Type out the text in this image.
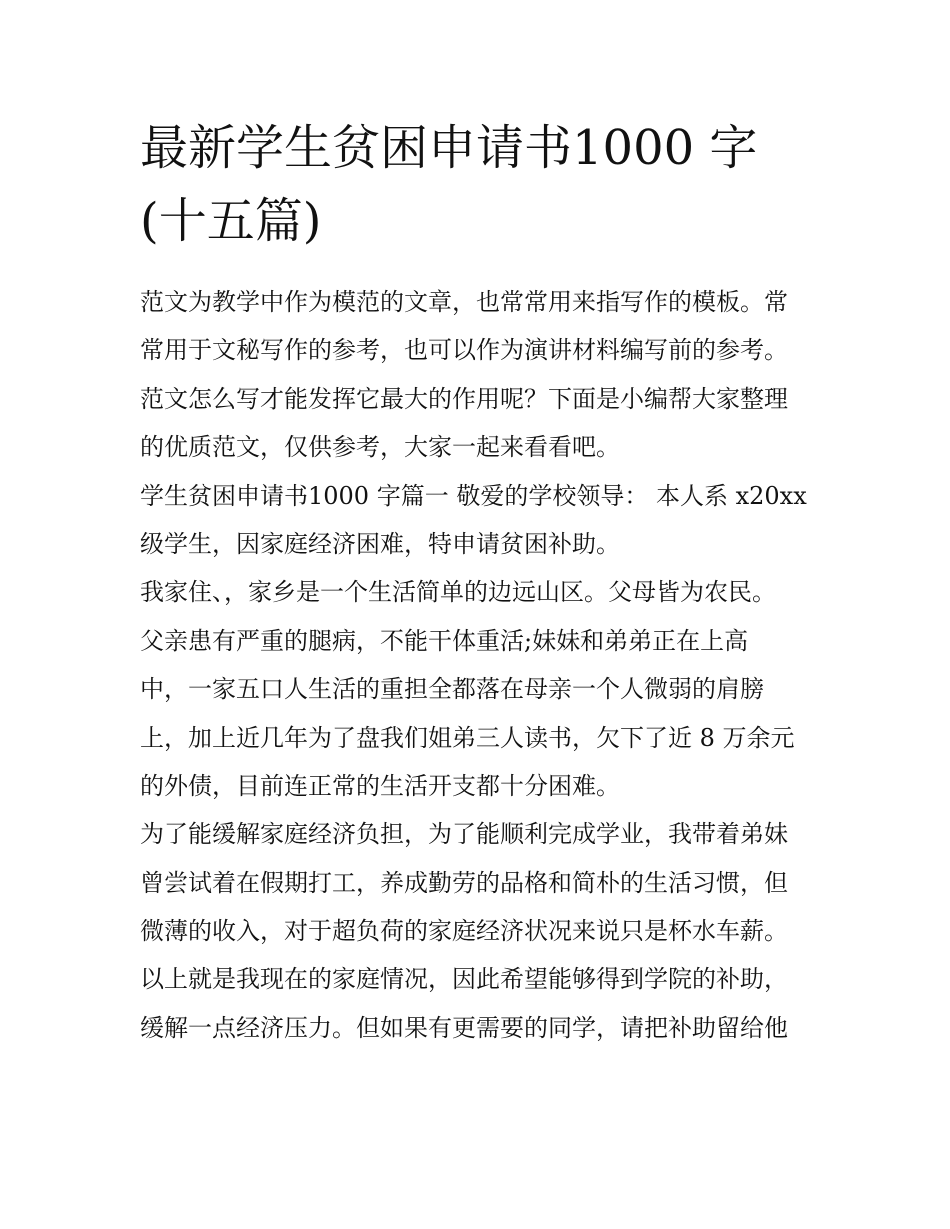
最新学生贫困申请书1000 字
(十五篇)
范文为教学中作为模范的文章，也常常用来指写作的模板。常
常用于文秘写作的参考，也可以作为演讲材料编写前的参考。
范文怎么写才能发挥它最大的作用呢？下面是小编帮大家整理
的优质范文，仅供参考，大家一起来看看吧。
学生贫困申请书1000 字篇一 敬爱的学校领导： 本人系 x20xx
级学生，因家庭经济困难，特申请贫困补助。
我家住、，家乡是一个生活简单的边远山区。父母皆为农民。
父亲患有严重的腿病，不能干体重活;妹妹和弟弟正在上高
中，一家五口人生活的重担全都落在母亲一个人微弱的肩膀
上，加上近几年为了盘我们姐弟三人读书，欠下了近 8 万余元
的外债，目前连正常的生活开支都十分困难。
为了能缓解家庭经济负担，为了能顺利完成学业，我带着弟妹
曾尝试着在假期打工，养成勤劳的品格和简朴的生活习惯，但
微薄的收入，对于超负荷的家庭经济状况来说只是杯水车薪。
以上就是我现在的家庭情况，因此希望能够得到学院的补助，
缓解一点经济压力。但如果有更需要的同学，请把补助留给他
